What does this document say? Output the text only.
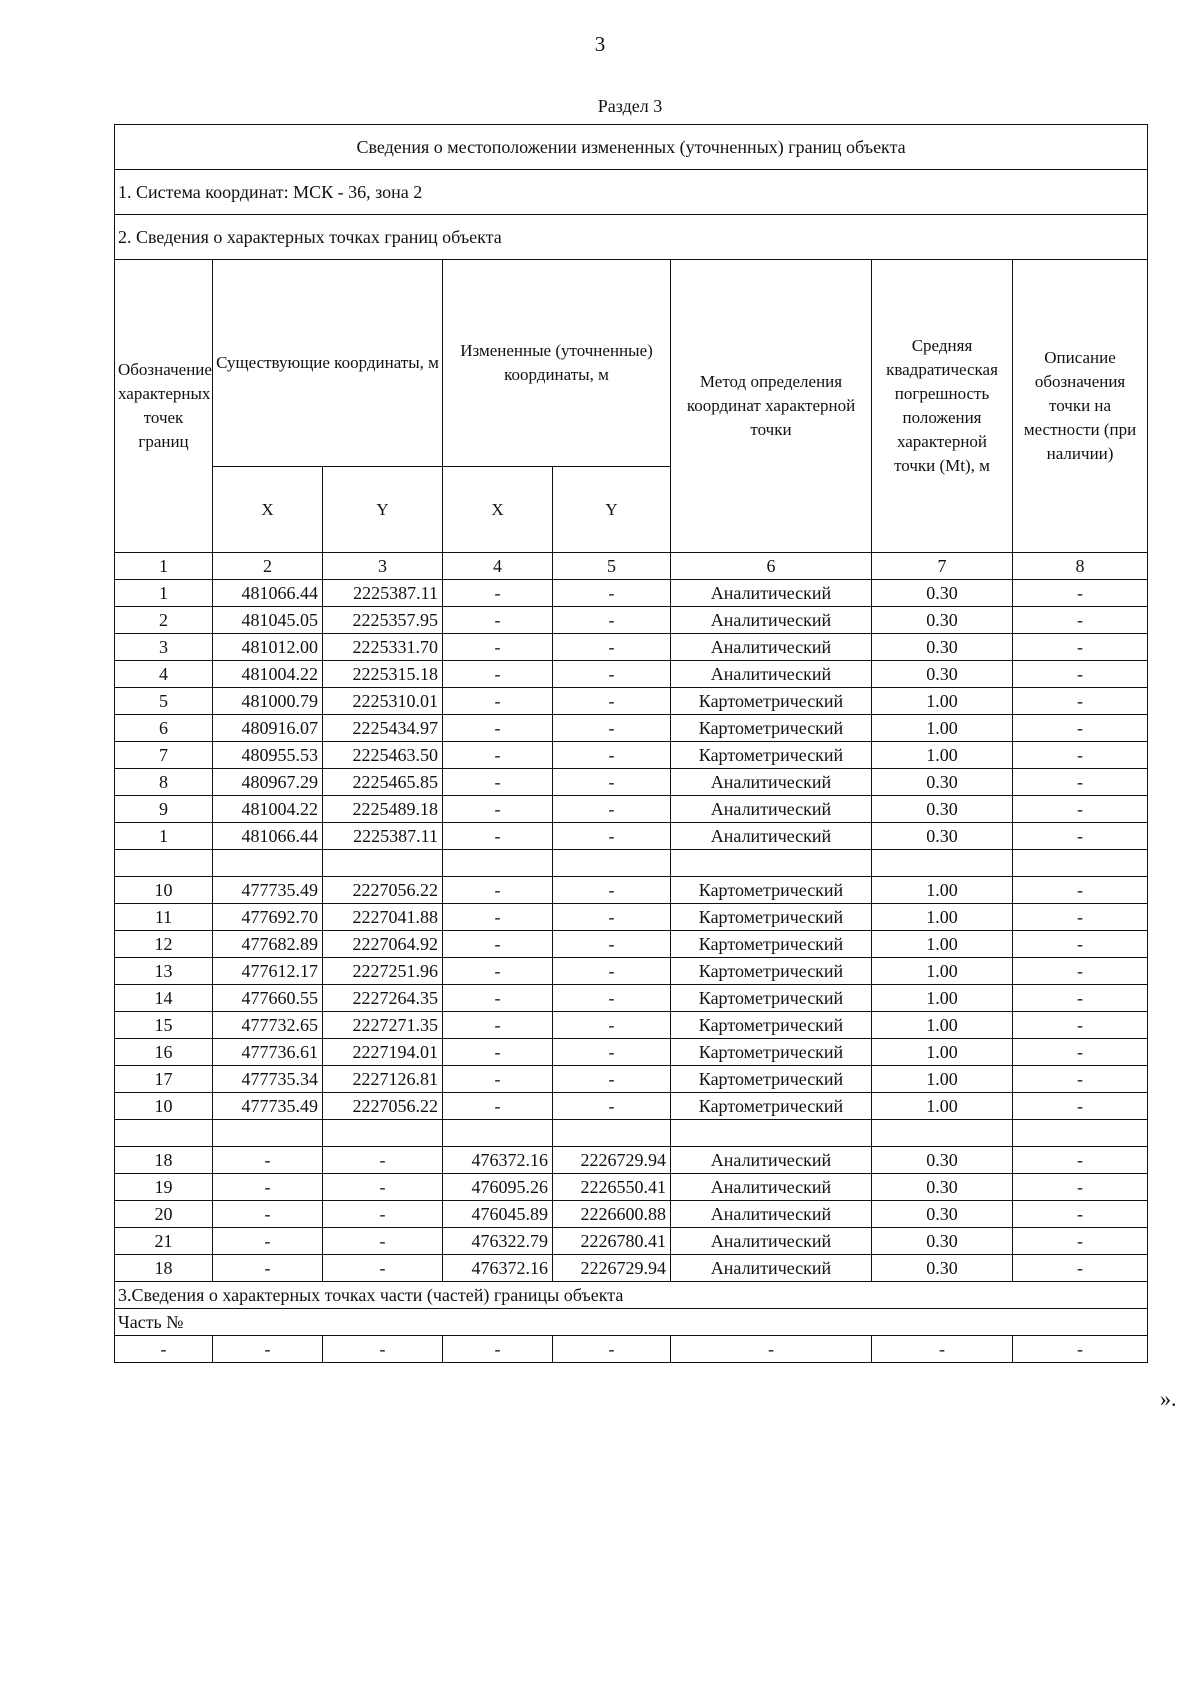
3
Раздел 3
Сведения о местоположении измененных (уточненных) границ объекта							
1. Система координат: МСК - 36, зона 2							
2. Сведения о характерных точках границ объекта							
Обозначение характерных точек границ	Существующие координаты, м		Измененные (уточненные) координаты, м		Метод определения координат характерной точки	Средняя квадратическая погрешность положения характерной точки (Mt), м	Описание обозначения точки на местности (при наличии)
	X	Y	X	Y			
1	2	3	4	5	6	7	8
1	481066.44	2225387.11	-	-	Аналитический	0.30	-
2	481045.05	2225357.95	-	-	Аналитический	0.30	-
3	481012.00	2225331.70	-	-	Аналитический	0.30	-
4	481004.22	2225315.18	-	-	Аналитический	0.30	-
5	481000.79	2225310.01	-	-	Картометрический	1.00	-
6	480916.07	2225434.97	-	-	Картометрический	1.00	-
7	480955.53	2225463.50	-	-	Картометрический	1.00	-
8	480967.29	2225465.85	-	-	Аналитический	0.30	-
9	481004.22	2225489.18	-	-	Аналитический	0.30	-
1	481066.44	2225387.11	-	-	Аналитический	0.30	-

10	477735.49	2227056.22	-	-	Картометрический	1.00	-
11	477692.70	2227041.88	-	-	Картометрический	1.00	-
12	477682.89	2227064.92	-	-	Картометрический	1.00	-
13	477612.17	2227251.96	-	-	Картометрический	1.00	-
14	477660.55	2227264.35	-	-	Картометрический	1.00	-
15	477732.65	2227271.35	-	-	Картометрический	1.00	-
16	477736.61	2227194.01	-	-	Картометрический	1.00	-
17	477735.34	2227126.81	-	-	Картометрический	1.00	-
10	477735.49	2227056.22	-	-	Картометрический	1.00	-

18	-	-	476372.16	2226729.94	Аналитический	0.30	-
19	-	-	476095.26	2226550.41	Аналитический	0.30	-
20	-	-	476045.89	2226600.88	Аналитический	0.30	-
21	-	-	476322.79	2226780.41	Аналитический	0.30	-
18	-	-	476372.16	2226729.94	Аналитический	0.30	-
3.Сведения о характерных точках части (частей) границы объекта							
Часть №							
-	-	-	-	-	-	-	-
».
